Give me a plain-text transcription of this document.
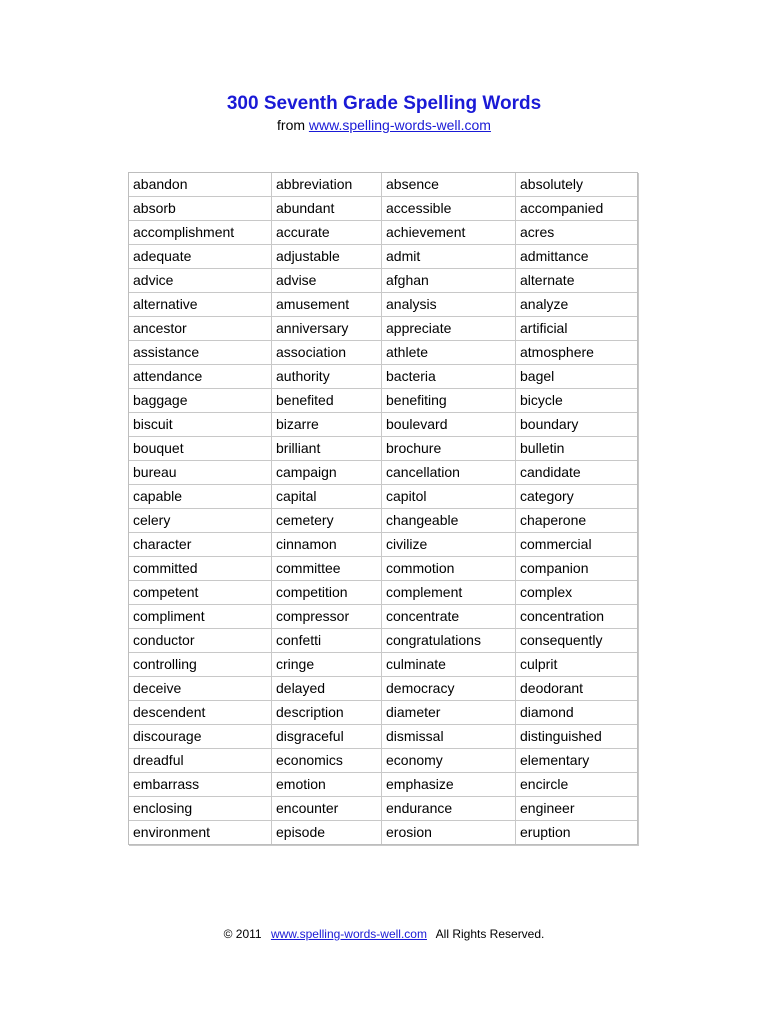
300 Seventh Grade Spelling Words
from www.spelling-words-well.com
abandon	abbreviation	absence	absolutely
absorb	abundant	accessible	accompanied
accomplishment	accurate	achievement	acres
adequate	adjustable	admit	admittance
advice	advise	afghan	alternate
alternative	amusement	analysis	analyze
ancestor	anniversary	appreciate	artificial
assistance	association	athlete	atmosphere
attendance	authority	bacteria	bagel
baggage	benefited	benefiting	bicycle
biscuit	bizarre	boulevard	boundary
bouquet	brilliant	brochure	bulletin
bureau	campaign	cancellation	candidate
capable	capital	capitol	category
celery	cemetery	changeable	chaperone
character	cinnamon	civilize	commercial
committed	committee	commotion	companion
competent	competition	complement	complex
compliment	compressor	concentrate	concentration
conductor	confetti	congratulations	consequently
controlling	cringe	culminate	culprit
deceive	delayed	democracy	deodorant
descendent	description	diameter	diamond
discourage	disgraceful	dismissal	distinguished
dreadful	economics	economy	elementary
embarrass	emotion	emphasize	encircle
enclosing	encounter	endurance	engineer
environment	episode	erosion	eruption
© 2011 www.spelling-words-well.com All Rights Reserved.
